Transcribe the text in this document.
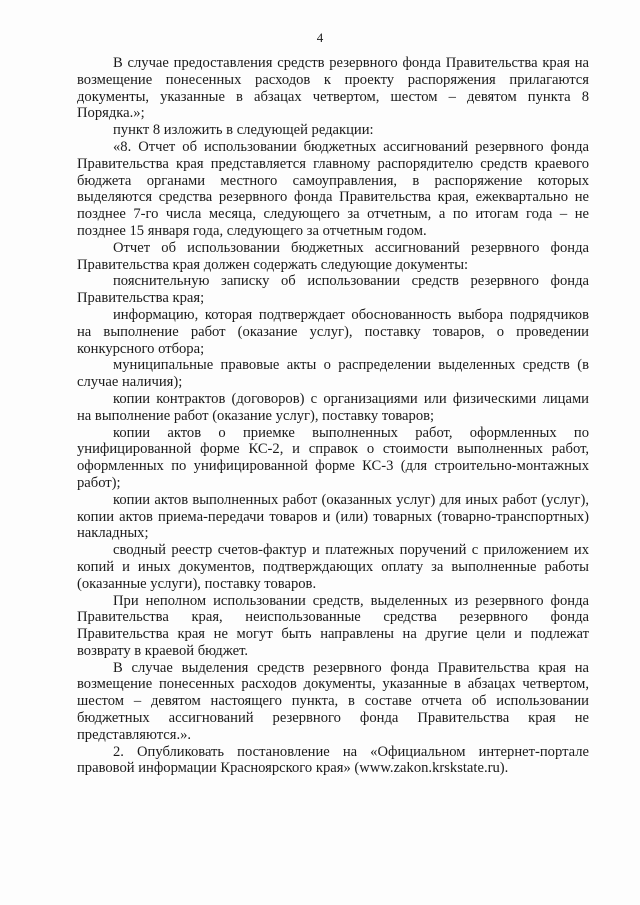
4

В случае предоставления средств резервного фонда Правительства края на возмещение понесенных расходов к проекту распоряжения прилагаются документы, указанные в абзацах четвертом, шестом – девятом пункта 8 Порядка.»;

пункт 8 изложить в следующей редакции:

«8. Отчет об использовании бюджетных ассигнований резервного фонда Правительства края представляется главному распорядителю средств краевого бюджета органами местного самоуправления, в распоряжение которых выделяются средства резервного фонда Правительства края, ежеквартально не позднее 7-го числа месяца, следующего за отчетным, а по итогам года – не позднее 15 января года, следующего за отчетным годом.

Отчет об использовании бюджетных ассигнований резервного фонда Правительства края должен содержать следующие документы:

пояснительную записку об использовании средств резервного фонда Правительства края;

информацию, которая подтверждает обоснованность выбора подрядчиков на выполнение работ (оказание услуг), поставку товаров, о проведении конкурсного отбора;

муниципальные правовые акты о распределении выделенных средств (в случае наличия);

копии контрактов (договоров) с организациями или физическими лицами на выполнение работ (оказание услуг), поставку товаров;

копии актов о приемке выполненных работ, оформленных по унифицированной форме КС-2, и справок о стоимости выполненных работ, оформленных по унифицированной форме КС-3 (для строительно-монтажных работ);

копии актов выполненных работ (оказанных услуг) для иных работ (услуг), копии актов приема-передачи товаров и (или) товарных (товарно-транспортных) накладных;

сводный реестр счетов-фактур и платежных поручений с приложением их копий и иных документов, подтверждающих оплату за выполненные работы (оказанные услуги), поставку товаров.

При неполном использовании средств, выделенных из резервного фонда Правительства края, неиспользованные средства резервного фонда Правительства края не могут быть направлены на другие цели и подлежат возврату в краевой бюджет.

В случае выделения средств резервного фонда Правительства края на возмещение понесенных расходов документы, указанные в абзацах четвертом, шестом – девятом настоящего пункта, в составе отчета об использовании бюджетных ассигнований резервного фонда Правительства края не представляются.».

2. Опубликовать постановление на «Официальном интернет-портале правовой информации Красноярского края» (www.zakon.krskstate.ru).
